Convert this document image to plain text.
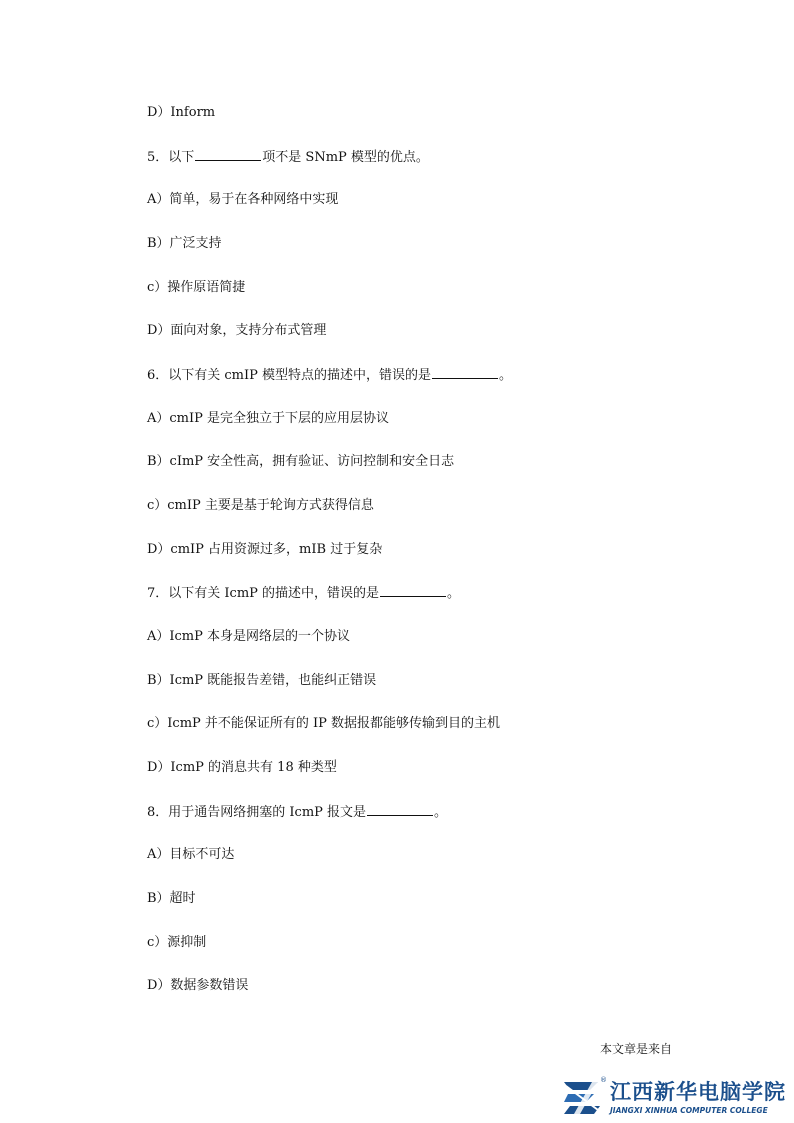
D）Inform
5．以下	项不是 SNmP 模型的优点。
A）简单，易于在各种网络中实现
B）广泛支持
c）操作原语简捷
D）面向对象，支持分布式管理
6．以下有关 cmIP 模型特点的描述中，错误的是	。
A）cmIP 是完全独立于下层的应用层协议
B）cImP 安全性高，拥有验证、访问控制和安全日志
c）cmIP 主要是基于轮询方式获得信息
D）cmIP 占用资源过多，mIB 过于复杂
7．以下有关 IcmP 的描述中，错误的是	。
A）IcmP 本身是网络层的一个协议
B）IcmP 既能报告差错，也能纠正错误
c）IcmP 并不能保证所有的 IP 数据报都能够传输到目的主机
D）IcmP 的消息共有 18 种类型
8．用于通告网络拥塞的 IcmP 报文是	。
A）目标不可达
B）超时
c）源抑制
D）数据参数错误
本文章是来自
® 江西新华电脑学院
JIANGXI XINHUA COMPUTER COLLEGE
